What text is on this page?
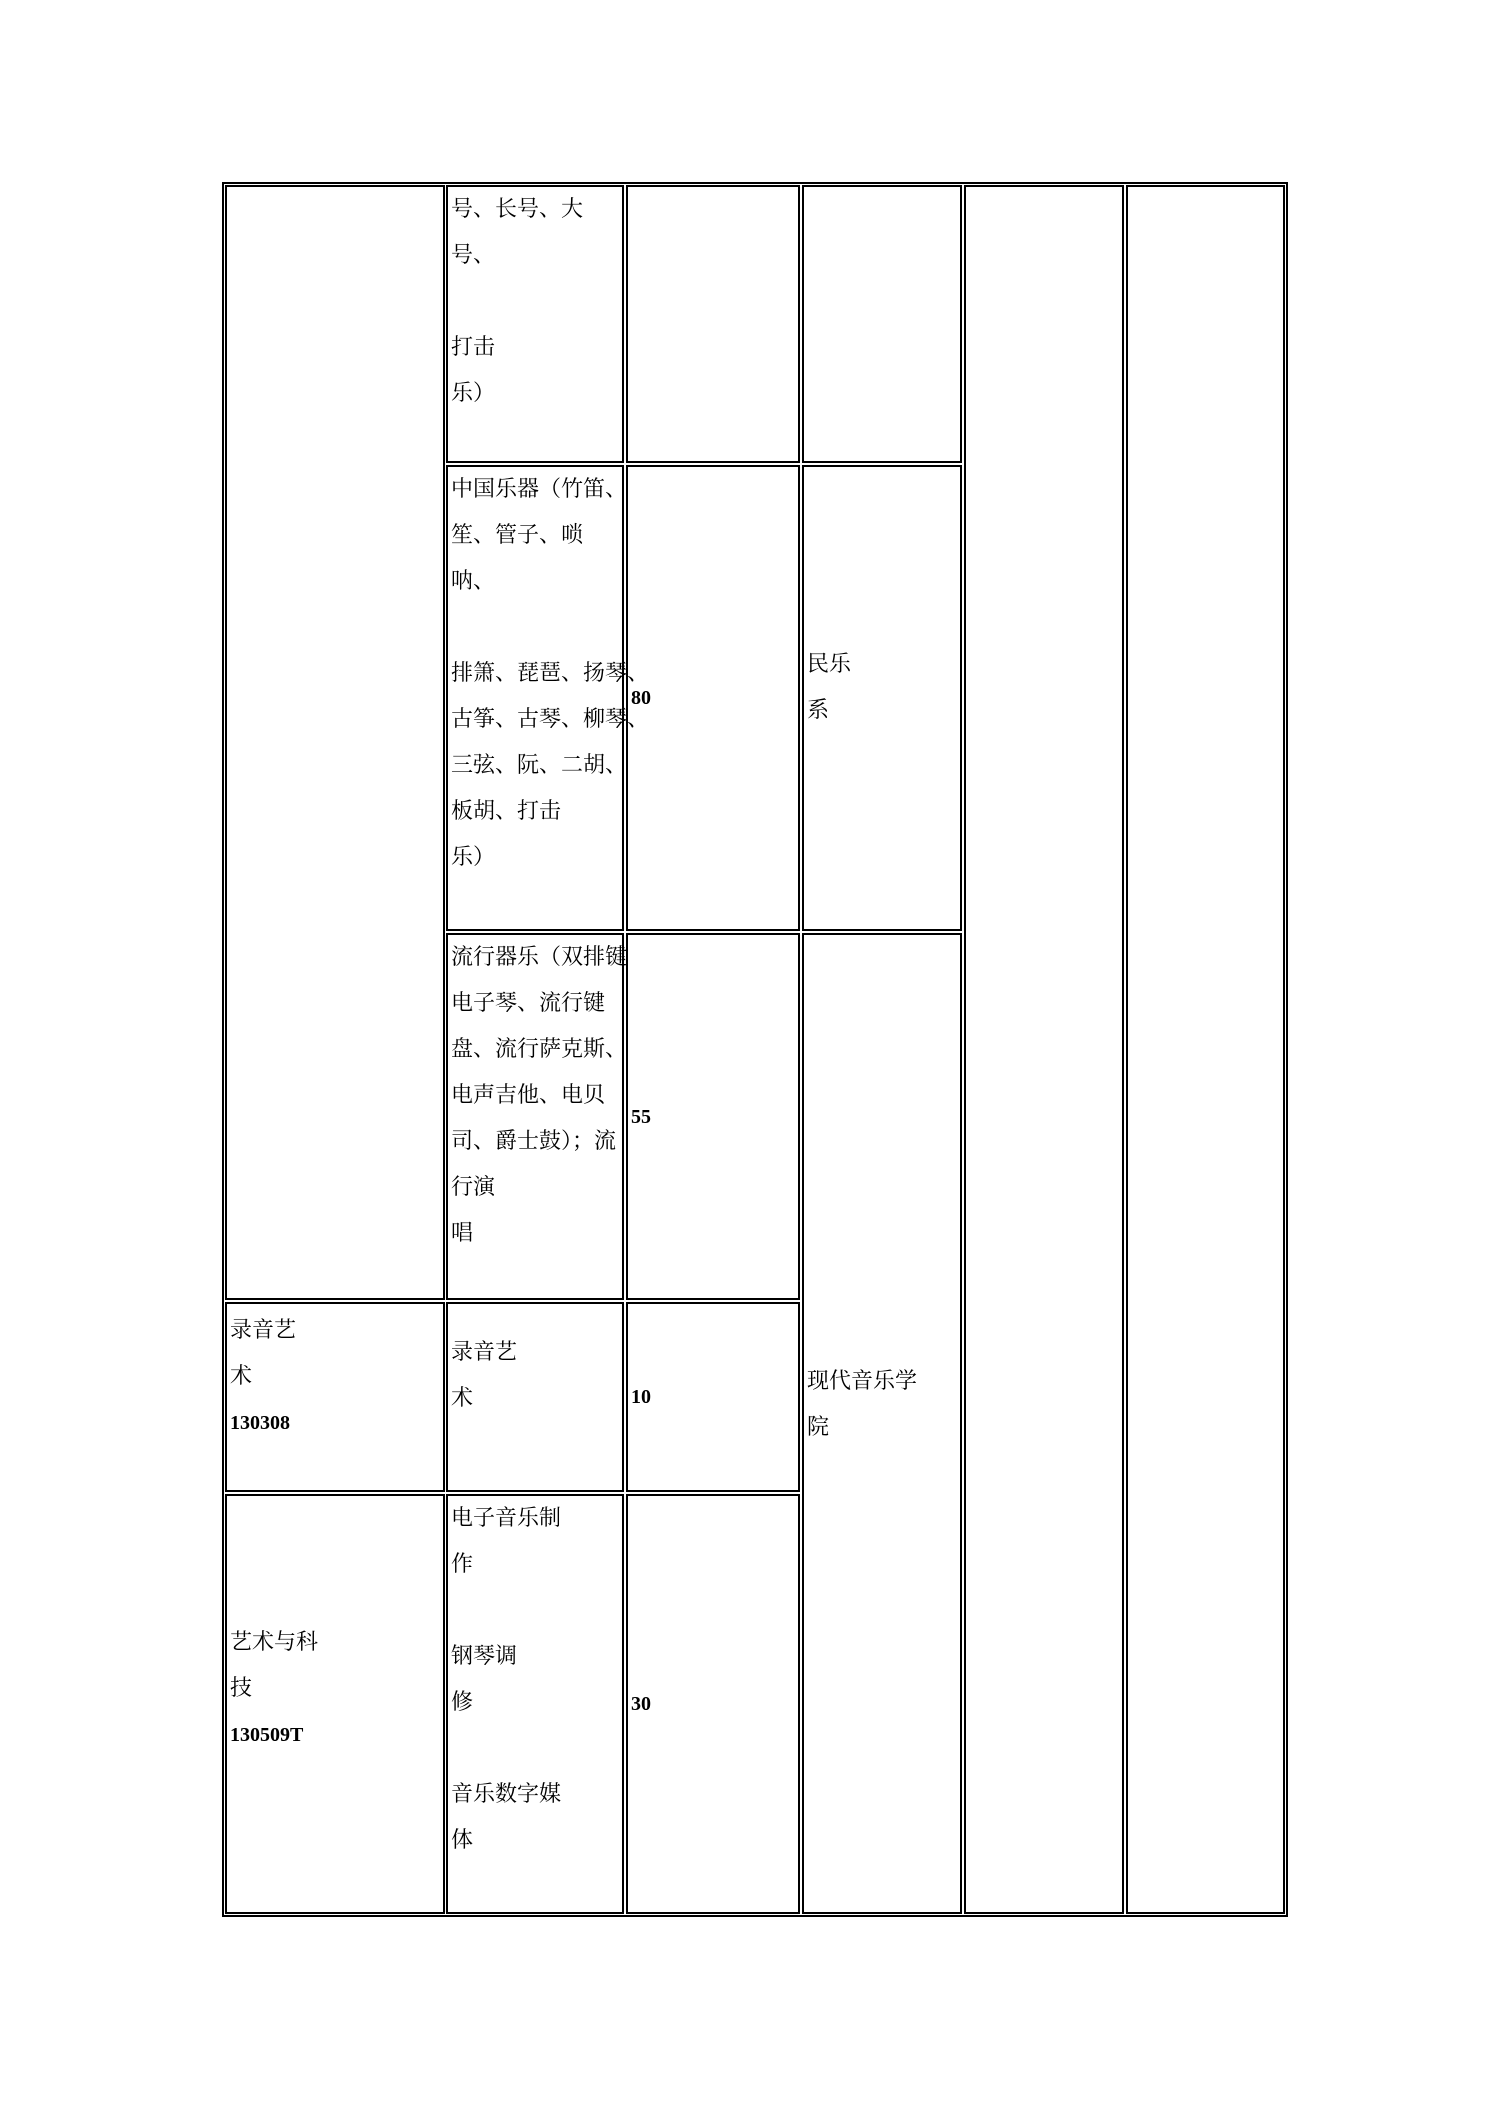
录音艺
术
130308
艺术与科
技
130509T
号、长号、大
号、
打击
乐）
中国乐器（竹笛、
笙、管子、唢
呐、
排箫、琵琶、扬琴、
古筝、古琴、柳琴、
三弦、阮、二胡、
板胡、打击
乐）
流行器乐（双排键
电子琴、流行键
盘、流行萨克斯、
电声吉他、电贝
司、爵士鼓）；流
行演
唱
录音艺
术
电子音乐制
作
钢琴调
修
音乐数字媒
体
80
55
10
30
民乐
系
现代音乐学
院
